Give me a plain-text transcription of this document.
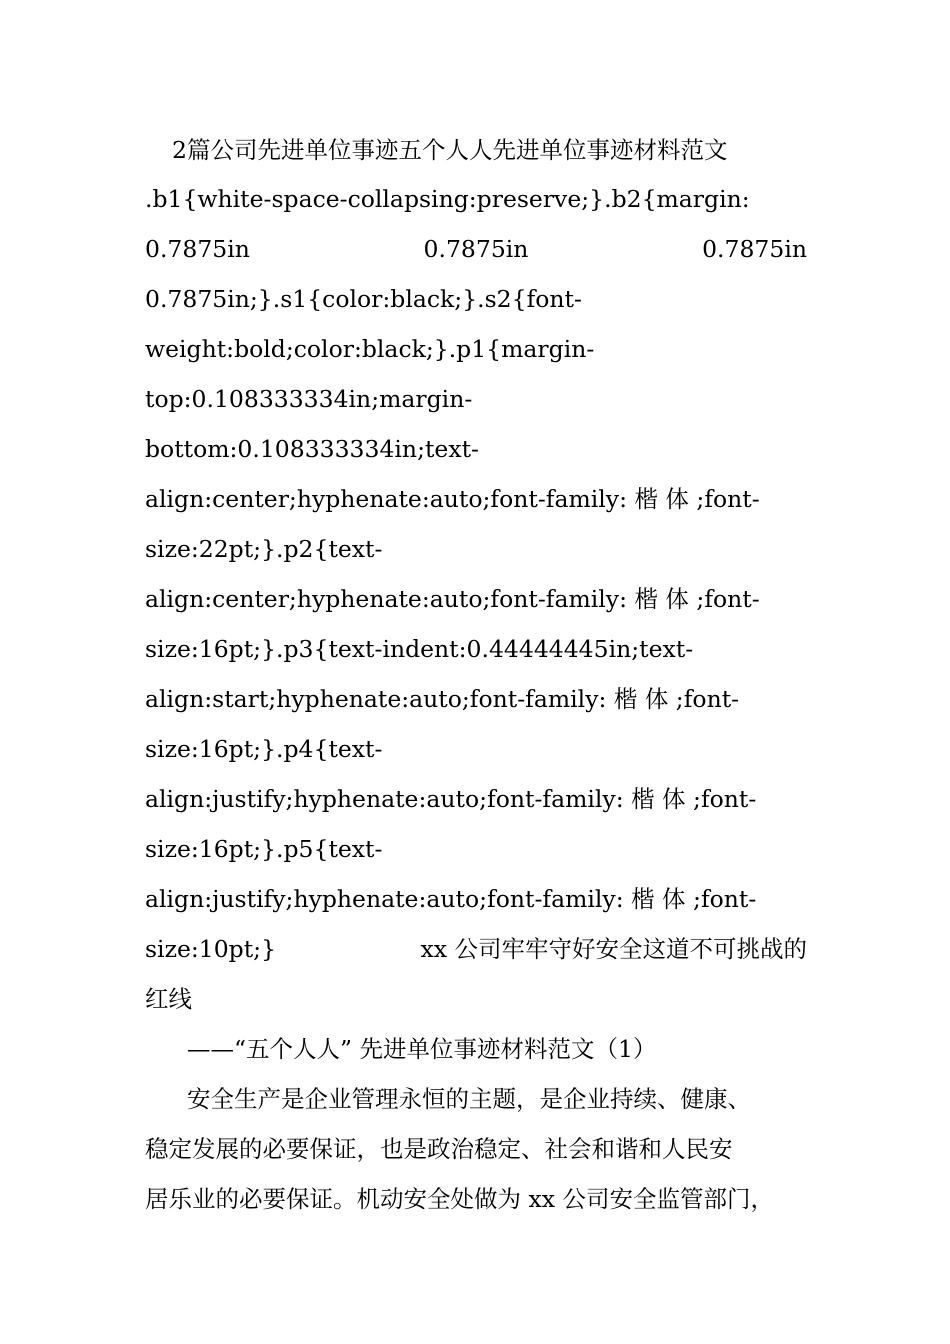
2篇公司先进单位事迹五个人人先进单位事迹材料范文
.b1{white-space-collapsing:preserve;}.b2{margin:
0.7875in	0.7875in	0.7875in
0.7875in;}.s1{color:black;}.s2{font-
weight:bold;color:black;}.p1{margin-
top:0.108333334in;margin-
bottom:0.108333334in;text-
align:center;hyphenate:auto;font-family: 楷 体 ;font-
size:22pt;}.p2{text-
align:center;hyphenate:auto;font-family: 楷 体 ;font-
size:16pt;}.p3{text-indent:0.44444445in;text-
align:start;hyphenate:auto;font-family: 楷 体 ;font-
size:16pt;}.p4{text-
align:justify;hyphenate:auto;font-family: 楷 体 ;font-
size:16pt;}.p5{text-
align:justify;hyphenate:auto;font-family: 楷 体 ;font-
size:10pt;}	xx 公司牢牢守好安全这道不可挑战的
红线
——“五个人人” 先进单位事迹材料范文（1）
安全生产是企业管理永恒的主题，是企业持续、健康、
稳定发展的必要保证，也是政治稳定、社会和谐和人民安
居乐业的必要保证。机动安全处做为 xx 公司安全监管部门，
